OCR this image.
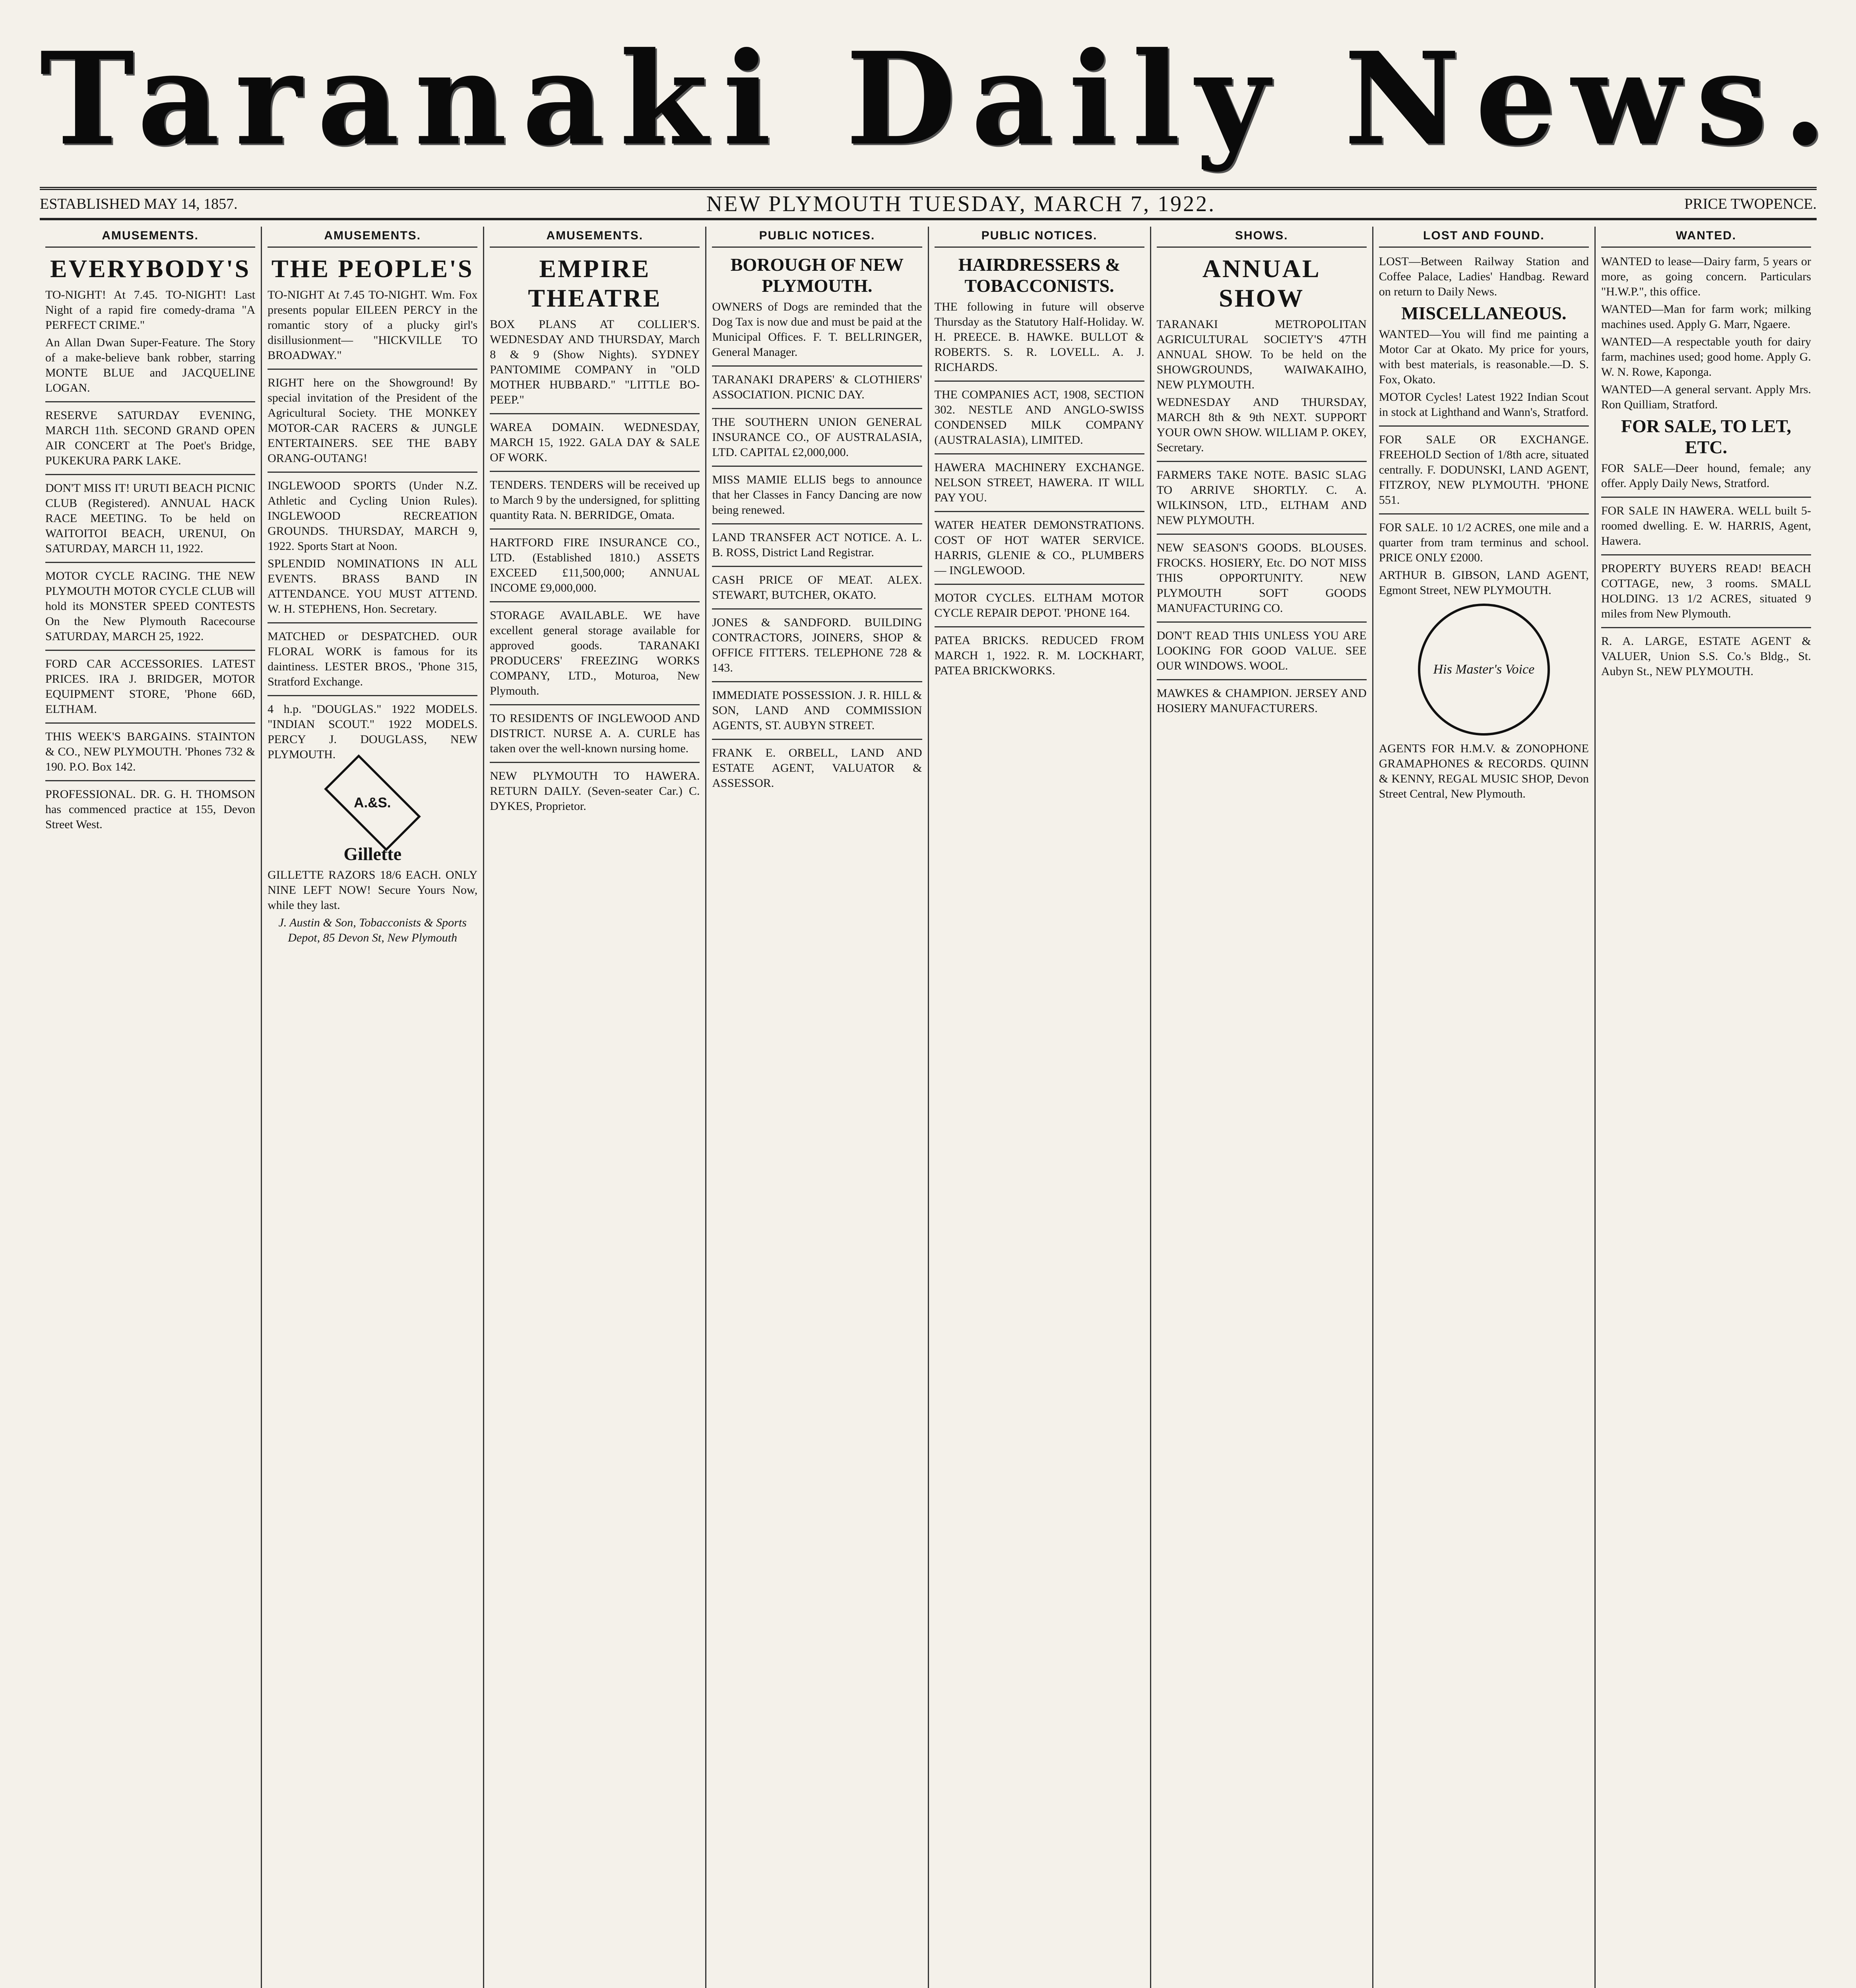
Taranaki Daily News.
ESTABLISHED MAY 14, 1857.	NEW PLYMOUTH TUESDAY, MARCH 7, 1922.	PRICE TWOPENCE.
AMUSEMENTS.
EVERYBODY'S

TO-NIGHT! At 7.45. TO-NIGHT! Last Night of a rapid fire comedy-drama "A PERFECT CRIME."

An Allan Dwan Super-Feature. The Story of a make-believe bank robber, starring MONTE BLUE and JACQUELINE LOGAN.

RESERVE SATURDAY EVENING, MARCH 11th. SECOND GRAND OPEN AIR CONCERT at The Poet's Bridge, PUKEKURA PARK LAKE.

DON'T MISS IT! URUTI BEACH PICNIC CLUB (Registered). ANNUAL HACK RACE MEETING. To be held on WAITOITOI BEACH, URENUI, On SATURDAY, MARCH 11, 1922.

MOTOR CYCLE RACING. THE NEW PLYMOUTH MOTOR CYCLE CLUB will hold its MONSTER SPEED CONTESTS On the New Plymouth Racecourse SATURDAY, MARCH 25, 1922.

FORD CAR ACCESSORIES. LATEST PRICES. IRA J. BRIDGER, MOTOR EQUIPMENT STORE, 'Phone 66D, ELTHAM.

THIS WEEK'S BARGAINS. STAINTON & CO., NEW PLYMOUTH. 'Phones 732 & 190. P.O. Box 142.

PROFESSIONAL. DR. G. H. THOMSON has commenced practice at 155, Devon Street West.

AMUSEMENTS.
THE PEOPLE'S

TO-NIGHT At 7.45 TO-NIGHT. Wm. Fox presents popular EILEEN PERCY in the romantic story of a plucky girl's disillusionment— "HICKVILLE TO BROADWAY."

RIGHT here on the Showground! By special invitation of the President of the Agricultural Society. THE MONKEY MOTOR-CAR RACERS & JUNGLE ENTERTAINERS. SEE THE BABY ORANG-OUTANG!

INGLEWOOD SPORTS (Under N.Z. Athletic and Cycling Union Rules). INGLEWOOD RECREATION GROUNDS. THURSDAY, MARCH 9, 1922. Sports Start at Noon.

SPLENDID NOMINATIONS IN ALL EVENTS. BRASS BAND IN ATTENDANCE. YOU MUST ATTEND. W. H. STEPHENS, Hon. Secretary.

MATCHED or DESPATCHED. OUR FLORAL WORK is famous for its daintiness. LESTER BROS., 'Phone 315, Stratford Exchange.

4 h.p. "DOUGLAS." 1922 MODELS. "INDIAN SCOUT." 1922 MODELS. PERCY J. DOUGLASS, NEW PLYMOUTH.

A.&S.
Gillette

GILLETTE RAZORS 18/6 EACH. ONLY NINE LEFT NOW! Secure Yours Now, while they last.

J. Austin & Son, Tobacconists & Sports Depot, 85 Devon St, New Plymouth

AMUSEMENTS.
EMPIRE THEATRE

BOX PLANS AT COLLIER'S. WEDNESDAY AND THURSDAY, March 8 & 9 (Show Nights). SYDNEY PANTOMIME COMPANY in "OLD MOTHER HUBBARD." "LITTLE BO-PEEP."

WAREA DOMAIN. WEDNESDAY, MARCH 15, 1922. GALA DAY & SALE OF WORK.

TENDERS. TENDERS will be received up to March 9 by the undersigned, for splitting quantity Rata. N. BERRIDGE, Omata.

HARTFORD FIRE INSURANCE CO., LTD. (Established 1810.) ASSETS EXCEED £11,500,000; ANNUAL INCOME £9,000,000.

STORAGE AVAILABLE. WE have excellent general storage available for approved goods. TARANAKI PRODUCERS' FREEZING WORKS COMPANY, LTD., Moturoa, New Plymouth.

TO RESIDENTS OF INGLEWOOD AND DISTRICT. NURSE A. A. CURLE has taken over the well-known nursing home.

NEW PLYMOUTH TO HAWERA. RETURN DAILY. (Seven-seater Car.) C. DYKES, Proprietor.

PUBLIC NOTICES.
BOROUGH OF NEW PLYMOUTH.

OWNERS of Dogs are reminded that the Dog Tax is now due and must be paid at the Municipal Offices. F. T. BELLRINGER, General Manager.

TARANAKI DRAPERS' & CLOTHIERS' ASSOCIATION. PICNIC DAY.

THE SOUTHERN UNION GENERAL INSURANCE CO., OF AUSTRALASIA, LTD. CAPITAL £2,000,000.

MISS MAMIE ELLIS begs to announce that her Classes in Fancy Dancing are now being renewed.

LAND TRANSFER ACT NOTICE. A. L. B. ROSS, District Land Registrar.

CASH PRICE OF MEAT. ALEX. STEWART, BUTCHER, OKATO.

JONES & SANDFORD. BUILDING CONTRACTORS, JOINERS, SHOP & OFFICE FITTERS. TELEPHONE 728 & 143.

IMMEDIATE POSSESSION. J. R. HILL & SON, LAND AND COMMISSION AGENTS, ST. AUBYN STREET.

FRANK E. ORBELL, LAND AND ESTATE AGENT, VALUATOR & ASSESSOR.

PUBLIC NOTICES.
HAIRDRESSERS & TOBACCONISTS.

THE following in future will observe Thursday as the Statutory Half-Holiday. W. H. PREECE. B. HAWKE. BULLOT & ROBERTS. S. R. LOVELL. A. J. RICHARDS.

THE COMPANIES ACT, 1908, SECTION 302. NESTLE AND ANGLO-SWISS CONDENSED MILK COMPANY (AUSTRALASIA), LIMITED.

HAWERA MACHINERY EXCHANGE. NELSON STREET, HAWERA. IT WILL PAY YOU.

WATER HEATER DEMONSTRATIONS. COST OF HOT WATER SERVICE. HARRIS, GLENIE & CO., PLUMBERS — INGLEWOOD.

MOTOR CYCLES. ELTHAM MOTOR CYCLE REPAIR DEPOT. 'PHONE 164.

PATEA BRICKS. REDUCED FROM MARCH 1, 1922. R. M. LOCKHART, PATEA BRICKWORKS.

SHOWS.
ANNUAL SHOW

TARANAKI METROPOLITAN AGRICULTURAL SOCIETY'S 47TH ANNUAL SHOW. To be held on the SHOWGROUNDS, WAIWAKAIHO, NEW PLYMOUTH.

WEDNESDAY AND THURSDAY, MARCH 8th & 9th NEXT. SUPPORT YOUR OWN SHOW. WILLIAM P. OKEY, Secretary.

FARMERS TAKE NOTE. BASIC SLAG TO ARRIVE SHORTLY. C. A. WILKINSON, LTD., ELTHAM AND NEW PLYMOUTH.

NEW SEASON'S GOODS. BLOUSES. FROCKS. HOSIERY, Etc. DO NOT MISS THIS OPPORTUNITY. NEW PLYMOUTH SOFT GOODS MANUFACTURING CO.

DON'T READ THIS UNLESS YOU ARE LOOKING FOR GOOD VALUE. SEE OUR WINDOWS. WOOL.

MAWKES & CHAMPION. JERSEY AND HOSIERY MANUFACTURERS.

LOST AND FOUND.

LOST—Between Railway Station and Coffee Palace, Ladies' Handbag. Reward on return to Daily News.

MISCELLANEOUS.

WANTED—You will find me painting a Motor Car at Okato. My price for yours, with best materials, is reasonable.—D. S. Fox, Okato.

MOTOR Cycles! Latest 1922 Indian Scout in stock at Lighthand and Wann's, Stratford.

FOR SALE OR EXCHANGE. FREEHOLD Section of 1/8th acre, situated centrally. F. DODUNSKI, LAND AGENT, FITZROY, NEW PLYMOUTH. 'PHONE 551.

FOR SALE. 10 1/2 ACRES, one mile and a quarter from tram terminus and school. PRICE ONLY £2000.

ARTHUR B. GIBSON, LAND AGENT, Egmont Street, NEW PLYMOUTH.

His Master's Voice

AGENTS FOR H.M.V. & ZONOPHONE GRAMAPHONES & RECORDS. QUINN & KENNY, REGAL MUSIC SHOP, Devon Street Central, New Plymouth.

WANTED.

WANTED to lease—Dairy farm, 5 years or more, as going concern. Particulars "H.W.P.", this office.

WANTED—Man for farm work; milking machines used. Apply G. Marr, Ngaere.

WANTED—A respectable youth for dairy farm, machines used; good home. Apply G. W. N. Rowe, Kaponga.

WANTED—A general servant. Apply Mrs. Ron Quilliam, Stratford.

FOR SALE, TO LET, ETC.

FOR SALE—Deer hound, female; any offer. Apply Daily News, Stratford.

FOR SALE IN HAWERA. WELL built 5-roomed dwelling. E. W. HARRIS, Agent, Hawera.

PROPERTY BUYERS READ! BEACH COTTAGE, new, 3 rooms. SMALL HOLDING. 13 1/2 ACRES, situated 9 miles from New Plymouth.

R. A. LARGE, ESTATE AGENT & VALUER, Union S.S. Co.'s Bldg., St. Aubyn St., NEW PLYMOUTH.
